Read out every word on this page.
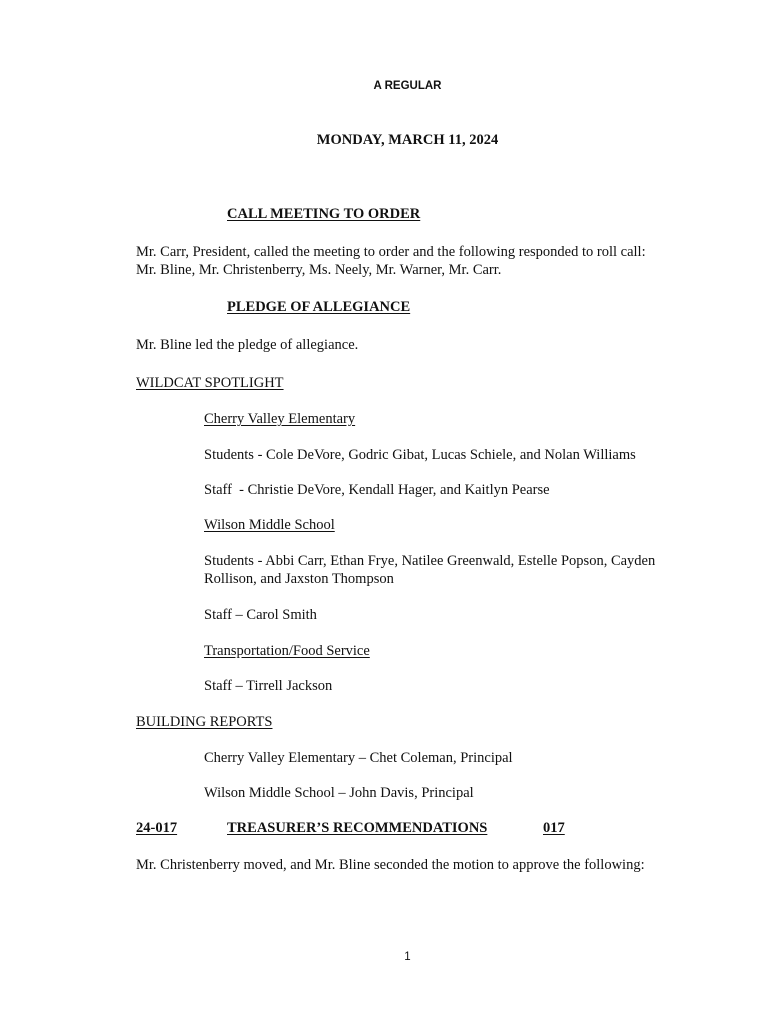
A REGULAR
MONDAY, MARCH 11, 2024
CALL MEETING TO ORDER
Mr. Carr, President, called the meeting to order and the following responded to roll call:
Mr. Bline, Mr. Christenberry, Ms. Neely, Mr. Warner, Mr. Carr.
PLEDGE OF ALLEGIANCE
Mr. Bline led the pledge of allegiance.
WILDCAT SPOTLIGHT
Cherry Valley Elementary
Students - Cole DeVore, Godric Gibat, Lucas Schiele, and Nolan Williams
Staff  - Christie DeVore, Kendall Hager, and Kaitlyn Pearse
Wilson Middle School
Students - Abbi Carr, Ethan Frye, Natilee Greenwald, Estelle Popson, Cayden
Rollison, and Jaxston Thompson
Staff – Carol Smith
Transportation/Food Service
Staff – Tirrell Jackson
BUILDING REPORTS
Cherry Valley Elementary – Chet Coleman, Principal
Wilson Middle School – John Davis, Principal
24-017	TREASURER’S RECOMMENDATIONS	017
Mr. Christenberry moved, and Mr. Bline seconded the motion to approve the following:
1
